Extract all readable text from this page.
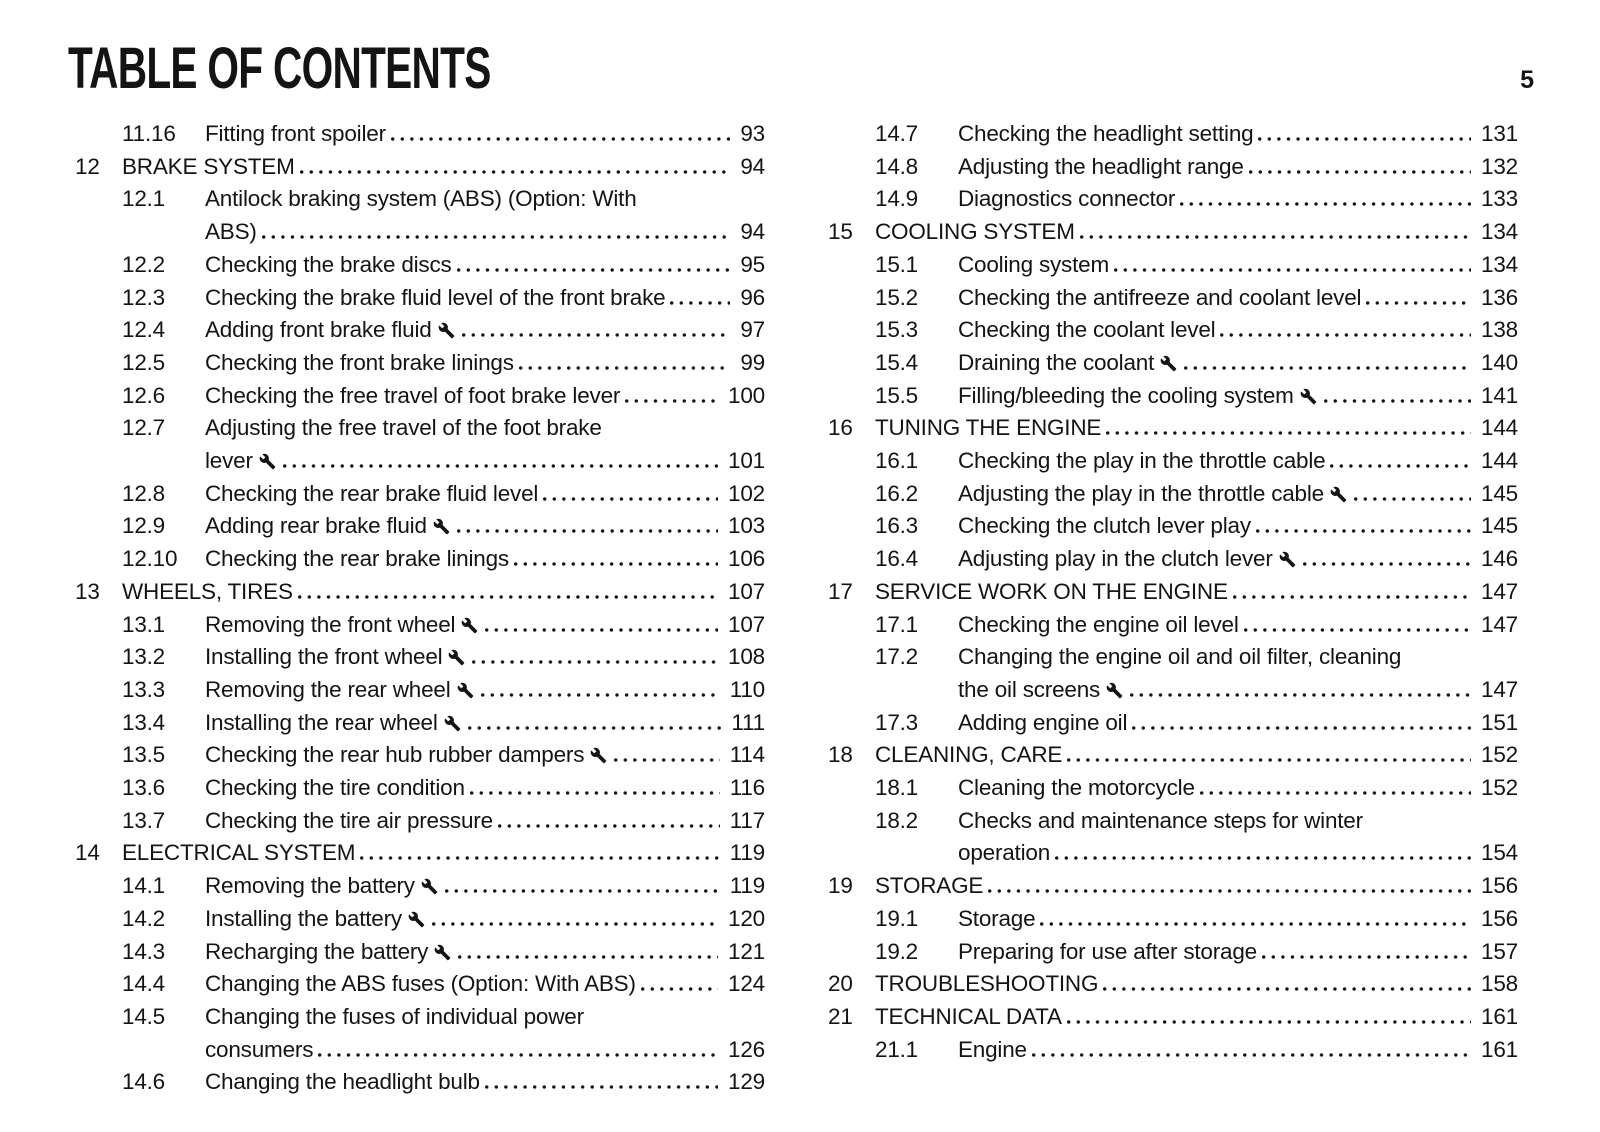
TABLE OF CONTENTS	5
11.16	Fitting front spoiler	93
12 BRAKE SYSTEM	94
12.1	Antilock braking system (ABS) (Option: With
ABS)	94
12.2	Checking the brake discs	95
12.3	Checking the brake fluid level of the front brake	96
12.4	Adding front brake fluid	97
12.5	Checking the front brake linings	99
12.6	Checking the free travel of foot brake lever	100
12.7	Adjusting the free travel of the foot brake
lever	101
12.8	Checking the rear brake fluid level	102
12.9	Adding rear brake fluid	103
12.10	Checking the rear brake linings	106
13 WHEELS, TIRES	107
13.1	Removing the front wheel	107
13.2	Installing the front wheel	108
13.3	Removing the rear wheel	110
13.4	Installing the rear wheel	111
13.5	Checking the rear hub rubber dampers	114
13.6	Checking the tire condition	116
13.7	Checking the tire air pressure	117
14 ELECTRICAL SYSTEM	119
14.1	Removing the battery	119
14.2	Installing the battery	120
14.3	Recharging the battery	121
14.4	Changing the ABS fuses (Option: With ABS)	124
14.5	Changing the fuses of individual power
consumers	126
14.6	Changing the headlight bulb	129
14.7	Checking the headlight setting	131
14.8	Adjusting the headlight range	132
14.9	Diagnostics connector	133
15 COOLING SYSTEM	134
15.1	Cooling system	134
15.2	Checking the antifreeze and coolant level	136
15.3	Checking the coolant level	138
15.4	Draining the coolant	140
15.5	Filling/bleeding the cooling system	141
16 TUNING THE ENGINE	144
16.1	Checking the play in the throttle cable	144
16.2	Adjusting the play in the throttle cable	145
16.3	Checking the clutch lever play	145
16.4	Adjusting play in the clutch lever	146
17 SERVICE WORK ON THE ENGINE	147
17.1	Checking the engine oil level	147
17.2	Changing the engine oil and oil filter, cleaning
the oil screens	147
17.3	Adding engine oil	151
18 CLEANING, CARE	152
18.1	Cleaning the motorcycle	152
18.2	Checks and maintenance steps for winter
operation	154
19 STORAGE	156
19.1	Storage	156
19.2	Preparing for use after storage	157
20 TROUBLESHOOTING	158
21 TECHNICAL DATA	161
21.1	Engine	161
